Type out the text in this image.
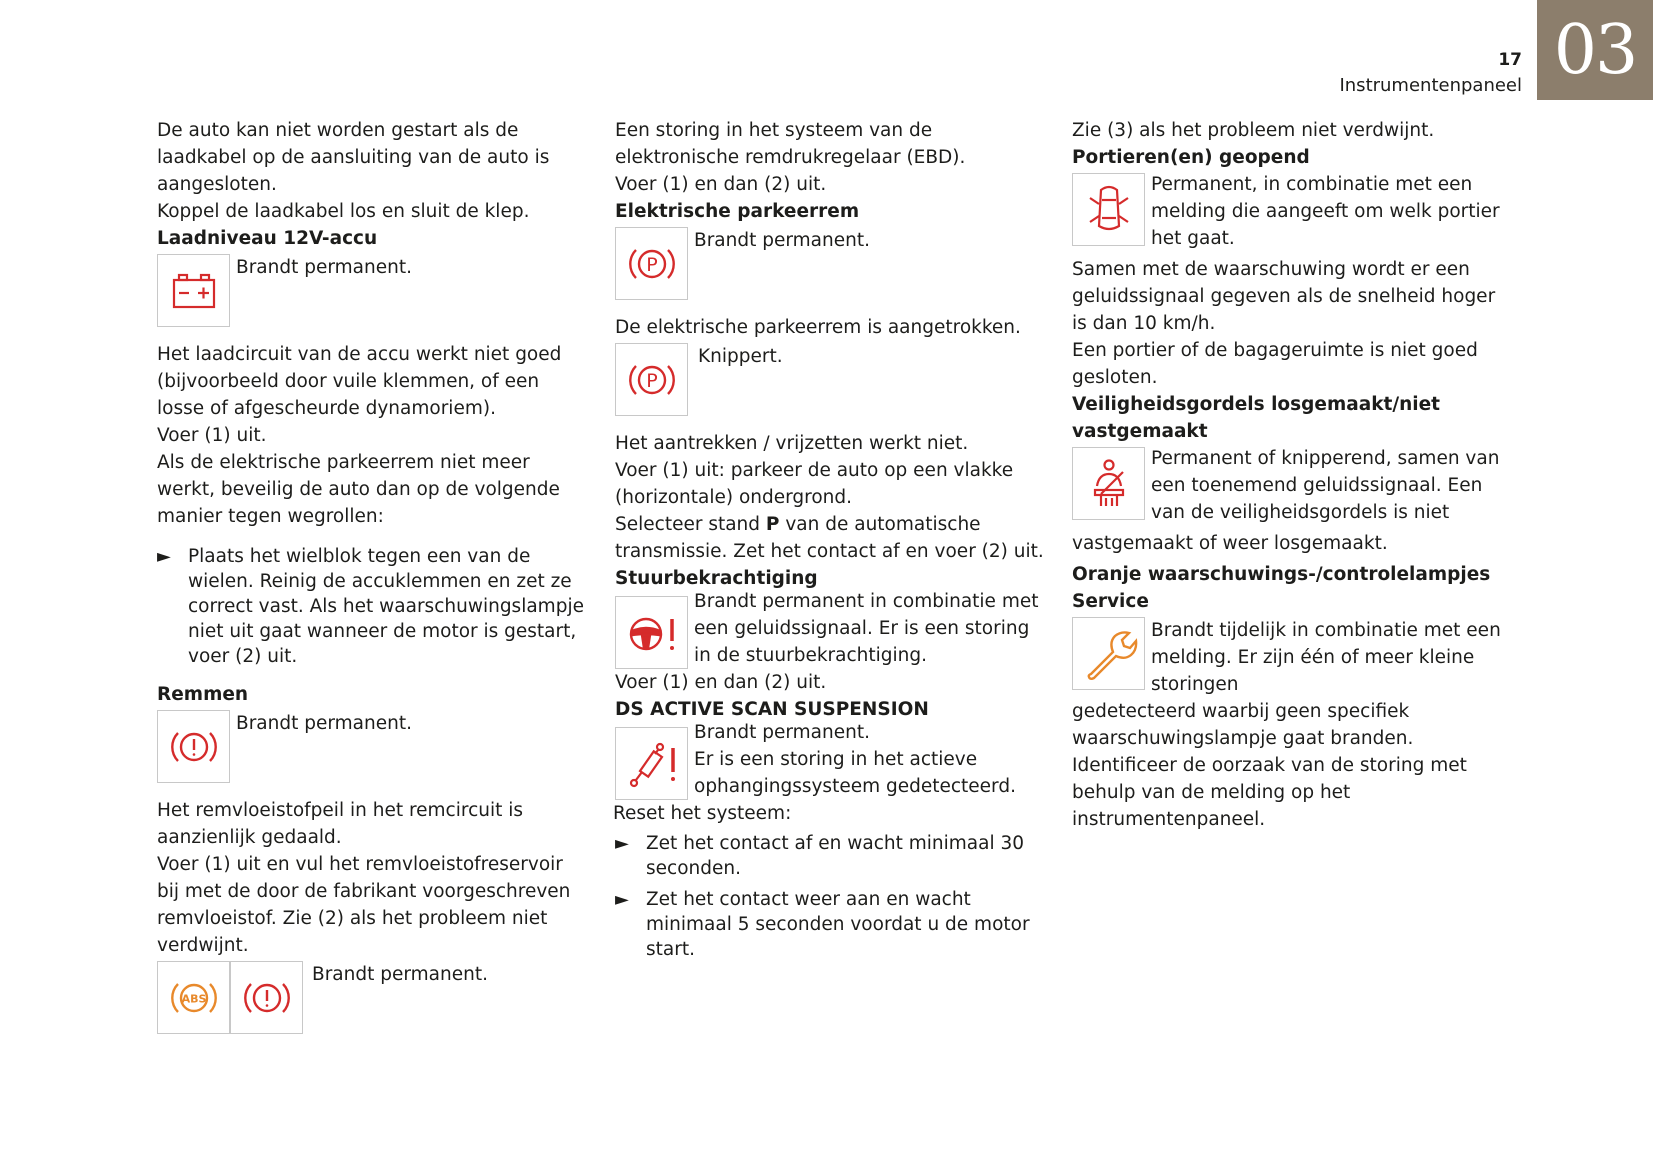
17
Instrumentenpaneel 03

De auto kan niet worden gestart als de laadkabel op de aansluiting van de auto is aangesloten.

Koppel de laadkabel los en sluit de klep.

Laadniveau 12V-accu

Brandt permanent.

Het laadcircuit van de accu werkt niet goed (bijvoorbeeld door vuile klemmen, of een losse of afgescheurde dynamoriem).

Voer (1) uit.

Als de elektrische parkeerrem niet meer werkt, beveilig de auto dan op de volgende manier tegen wegrollen:

► Plaats het wielblok tegen een van de wielen. Reinig de accuklemmen en zet ze correct vast. Als het waarschuwingslampje niet uit gaat wanneer de motor is gestart, voer (2) uit.

Remmen

Brandt permanent.

Het remvloeistofpeil in het remcircuit is aanzienlijk gedaald.

Voer (1) uit en vul het remvloeistofreservoir bij met de door de fabrikant voorgeschreven remvloeistof. Zie (2) als het probleem niet verdwijnt.

ABS
Brandt permanent.

Een storing in het systeem van de elektronische remdrukregelaar (EBD).

Voer (1) en dan (2) uit.

Elektrische parkeerrem

P
Brandt permanent.

De elektrische parkeerrem is aangetrokken.

P
Knippert.

Het aantrekken / vrijzetten werkt niet.

Voer (1) uit: parkeer de auto op een vlakke (horizontale) ondergrond.

Selecteer stand P van de automatische transmissie. Zet het contact af en voer (2) uit.

Stuurbekrachtiging

Brandt permanent in combinatie met een geluidssignaal. Er is een storing in de stuurbekrachtiging.

Voer (1) en dan (2) uit.

DS ACTIVE SCAN SUSPENSION

Brandt permanent.
Er is een storing in het actieve ophangingssysteem gedetecteerd.

Reset het systeem:

► Zet het contact af en wacht minimaal 30 seconden.
► Zet het contact weer aan en wacht minimaal 5 seconden voordat u de motor start.

Zie (3) als het probleem niet verdwijnt.

Portieren(en) geopend

Permanent, in combinatie met een melding die aangeeft om welk portier het gaat.

Samen met de waarschuwing wordt er een geluidssignaal gegeven als de snelheid hoger is dan 10 km/h.

Een portier of de bagageruimte is niet goed gesloten.

Veiligheidsgordels losgemaakt/niet vastgemaakt

Permanent of knipperend, samen van een toenemend geluidssignaal. Een van de veiligheidsgordels is niet

vastgemaakt of weer losgemaakt.

Oranje waarschuwings-/controlelampjes

Service

Brandt tijdelijk in combinatie met een melding. Er zijn één of meer kleine storingen

gedetecteerd waarbij geen specifiek waarschuwingslampje gaat branden.

Identificeer de oorzaak van de storing met behulp van de melding op het instrumentenpaneel.
